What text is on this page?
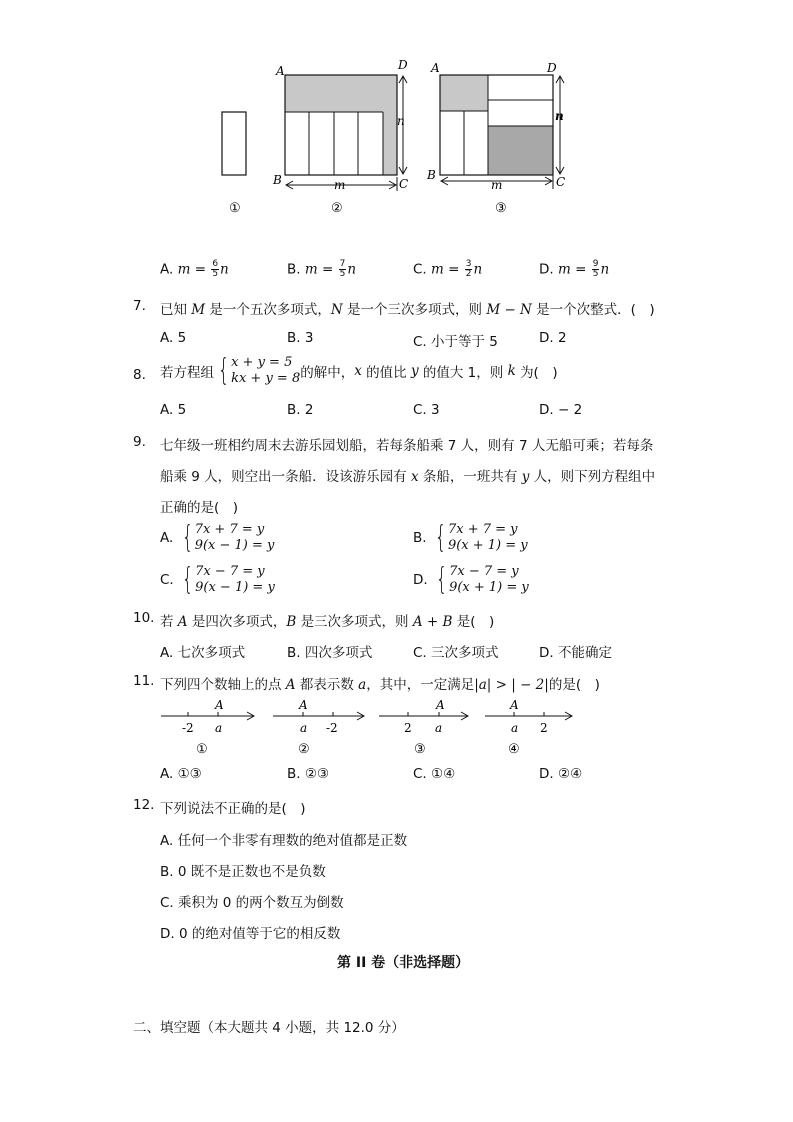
A	D
B	C
n
m
A	D
B	C
n
m
①	②	③
A. $m = \frac{6}{5}$ n	B. $m = \frac{7}{5}$ n	C. $m = \frac{3}{2}$ n	D. $m = \frac{9}{5}$ n
7. 已知 M 是一个五次多项式，N 是一个三次多项式，则 M − N 是一个次整式．(　)
A. 5	B. 3	C. 小于等于 5	D. 2
8. 若方程组 { x + y = 5
kx + y = 8 的解中， x
的值比
y
的值大 1，则
k
为(　)
A. 5	B. 2	C. 3	D. − 2
9. 七年级一班相约周末去游乐园划船，若每条船乘 7 人，则有 7 人无船可乘；若每条
船乘 9 人，则空出一条船．设该游乐园有 x 条船，一班共有 y 人，则下列方程组中
正确的是(　)
A.
{ 7x + 7 = y
9(x − 1) = y	B.
{ 7x + 7 = y
9(x + 1) = y
C.
{ 7x − 7 = y
9(x − 1) = y	D.
{ 7x − 7 = y
9(x + 1) = y
10. 若 A 是四次多项式，B 是三次多项式，则 A + B 是(　)
A. 七次多项式	B. 四次多项式	C. 三次多项式	D. 不能确定
11. 下列四个数轴上的点 A 都表示数 a，其中，一定满足|a| > | − 2|的是(　)
-2 a
A
①
a -2
A
②
2 a
A
③
a 2
A
④
A. ①③	B. ②③	C. ①④	D. ②④
12. 下列说法不正确的是(　)
A. 任何一个非零有理数的绝对值都是正数
B. 0 既不是正数也不是负数
C. 乘积为 0 的两个数互为倒数
D. 0 的绝对值等于它的相反数
第 II 卷（非选择题）
二、填空题（本大题共 4 小题，共 12.0 分）
